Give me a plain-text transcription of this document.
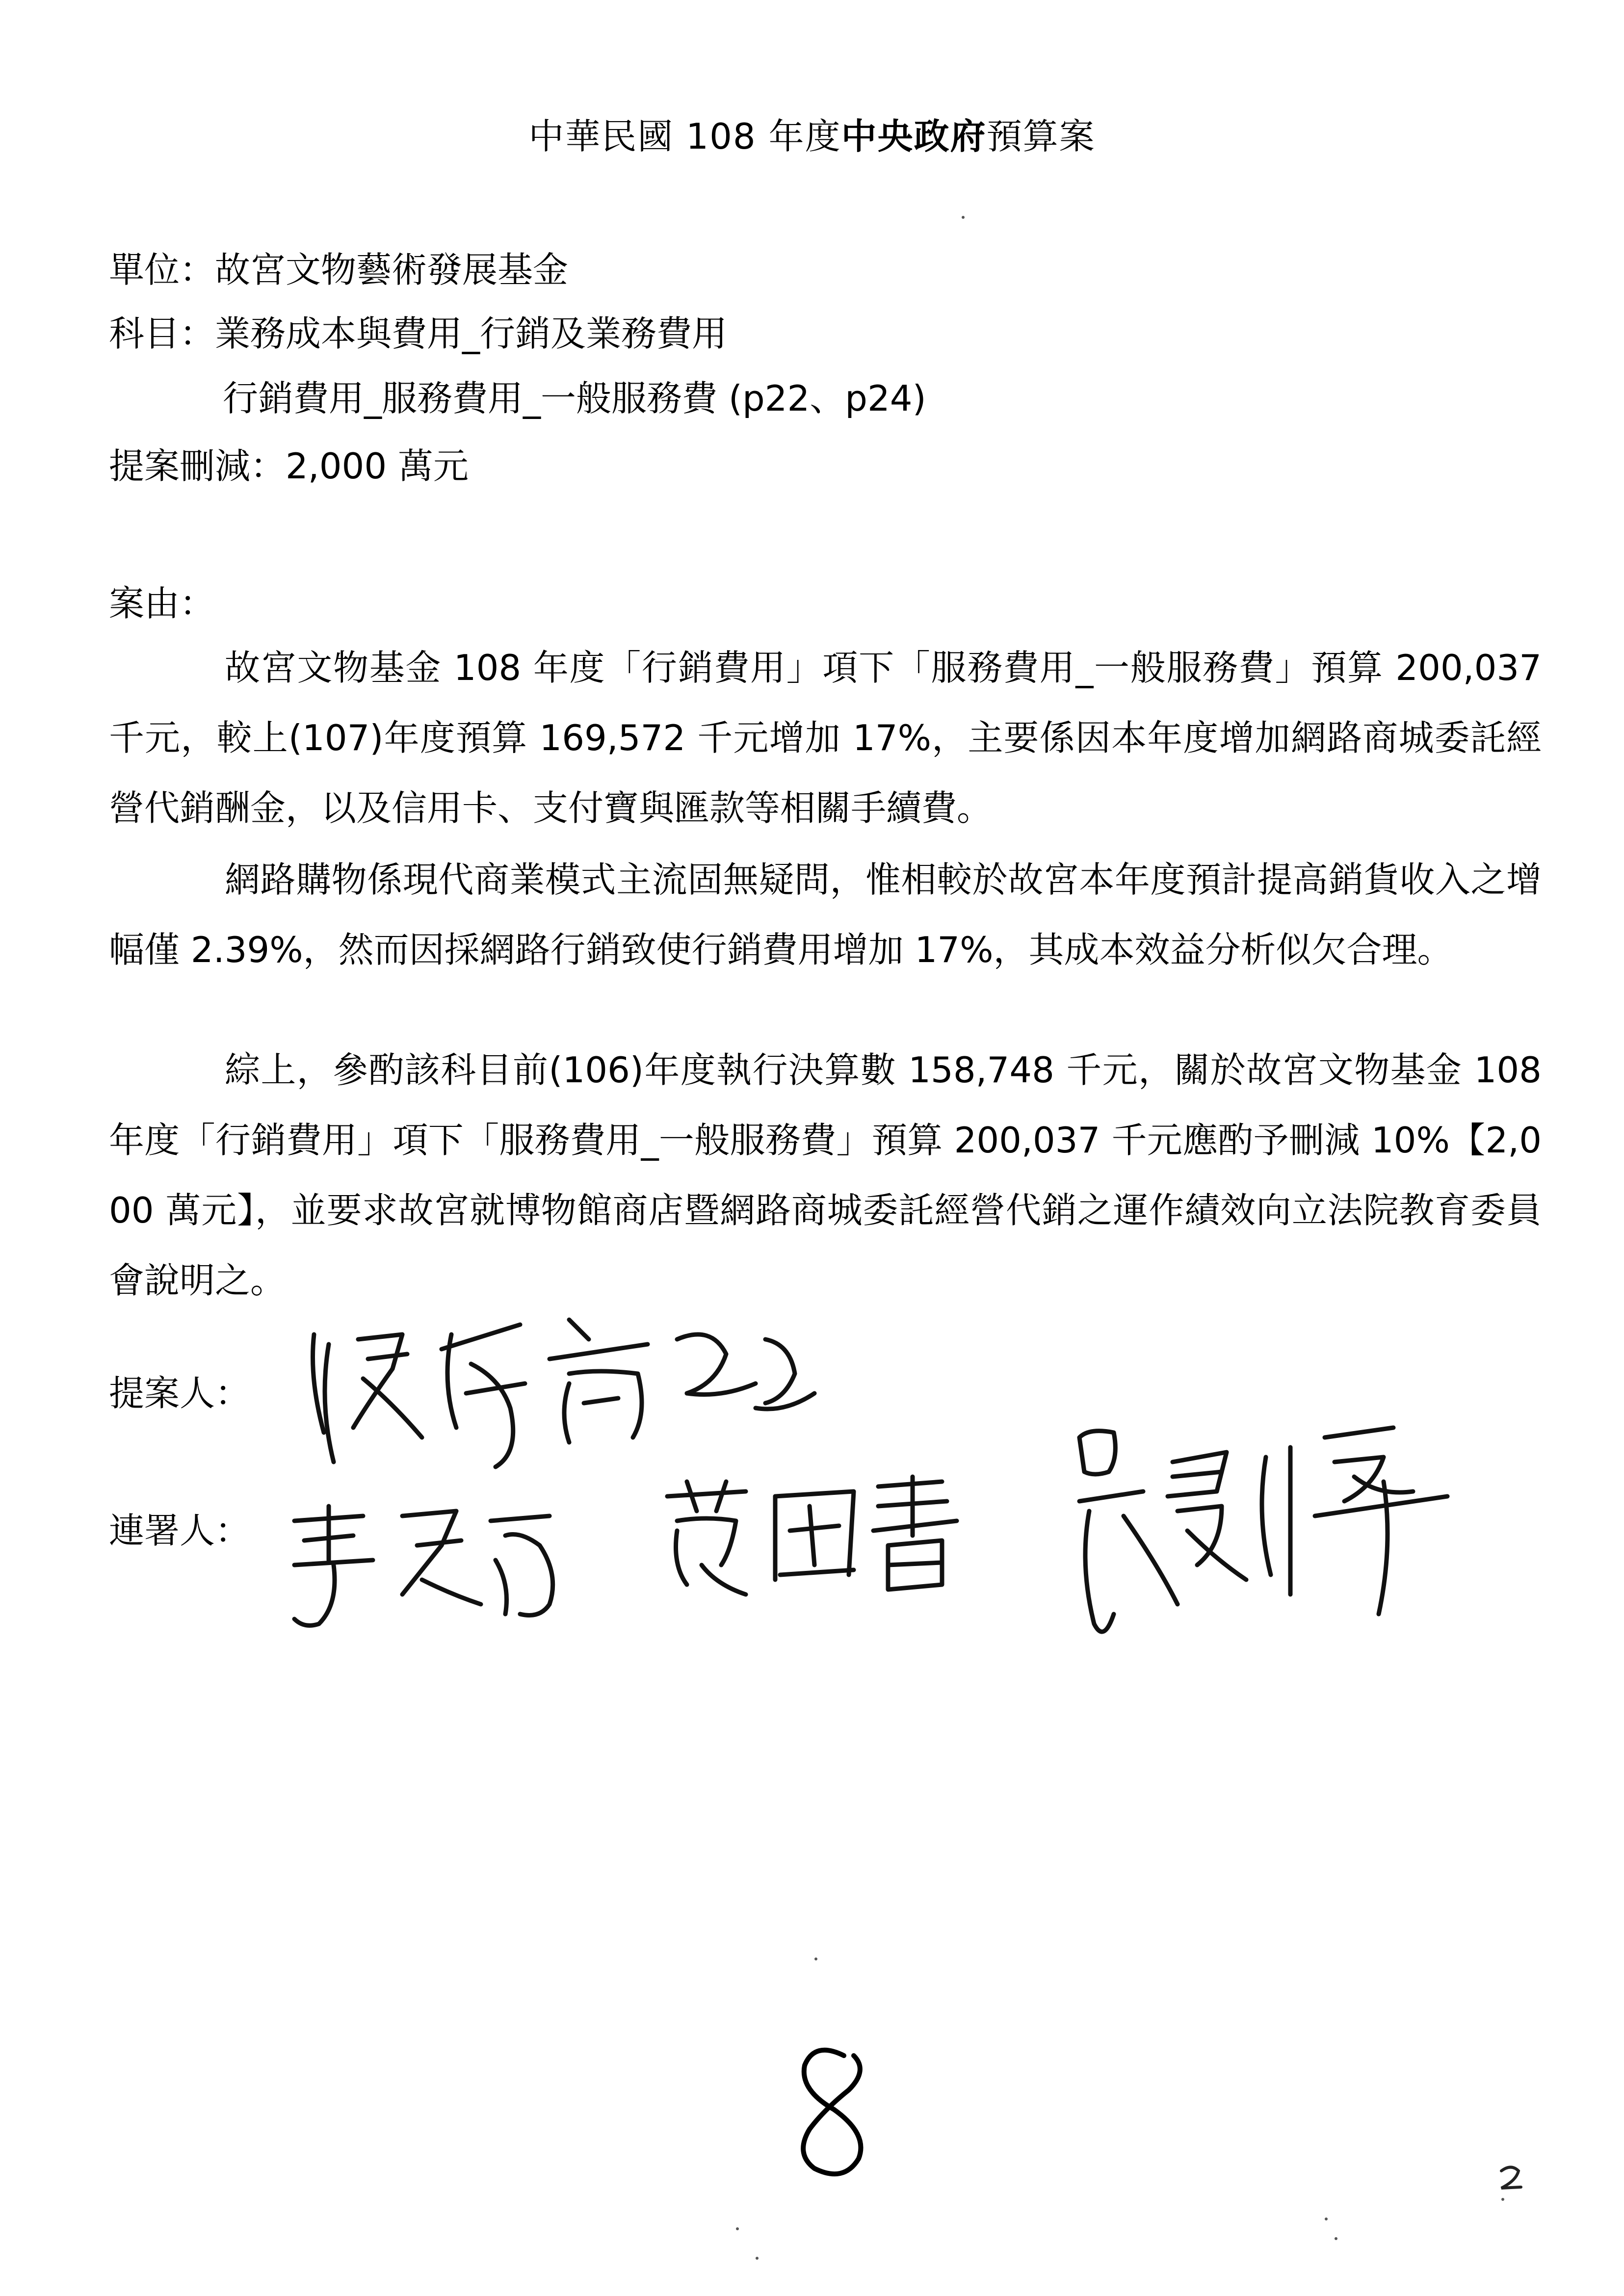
中華民國 108 年度中央政府預算案
單位：故宮文物藝術發展基金
科目：業務成本與費用_行銷及業務費用
行銷費用_服務費用_一般服務費 (p22、p24)
提案刪減：2,000 萬元
案由：
故宮文物基金 108 年度「行銷費用」項下「服務費用_一般服務費」預算 200,037 千元，較上(107)年度預算 169,572 千元增加 17%，主要係因本年度增加網路商城委託經營代銷酬金，以及信用卡、支付寶與匯款等相關手續費。
網路購物係現代商業模式主流固無疑問，惟相較於故宮本年度預計提高銷貨收入之增幅僅 2.39%，然而因採網路行銷致使行銷費用增加 17%，其成本效益分析似欠合理。
綜上，參酌該科目前(106)年度執行決算數 158,748 千元，關於故宮文物基金 108 年度「行銷費用」項下「服務費用_一般服務費」預算 200,037 千元應酌予刪減 10%【2,000 萬元】，並要求故宮就博物館商店暨網路商城委託經營代銷之運作績效向立法院教育委員會說明之。
提案人：
連署人：
